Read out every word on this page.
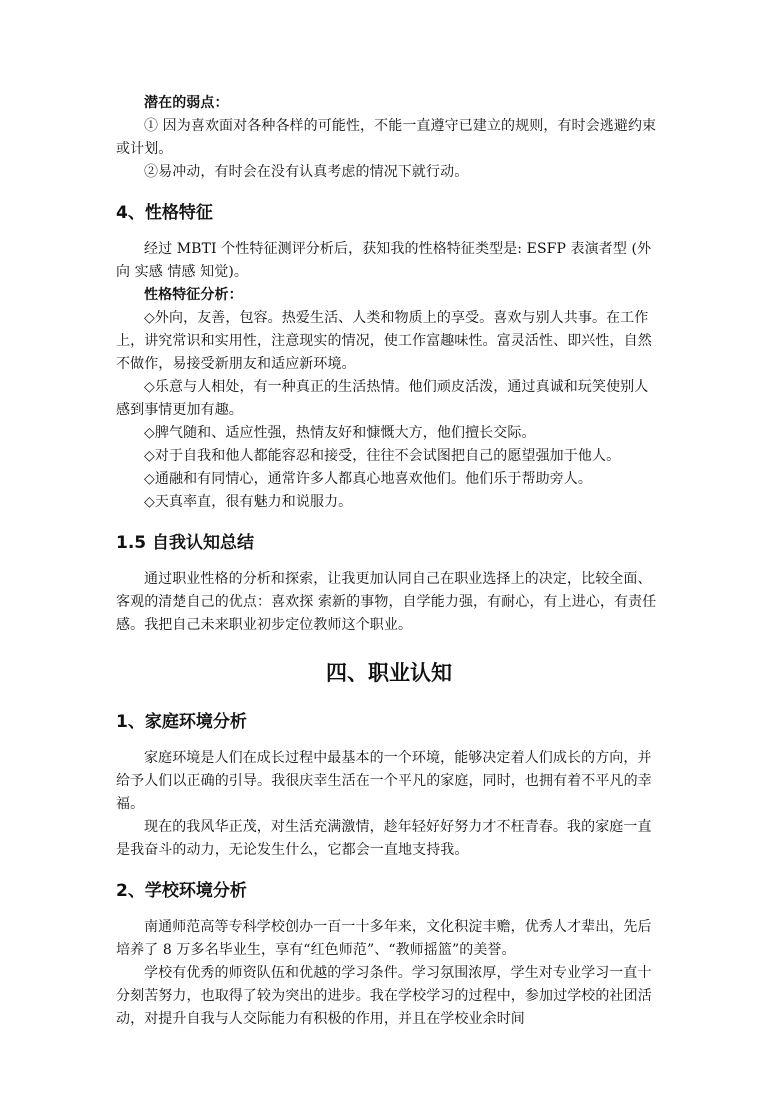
潜在的弱点：

① 因为喜欢面对各种各样的可能性，不能一直遵守已建立的规则，有时会逃避约束或计划。

②易冲动，有时会在没有认真考虑的情况下就行动。

4、性格特征

经过 MBTI 个性特征测评分析后，获知我的性格特征类型是: ESFP 表演者型 (外向 实感 情感 知觉)。

性格特征分析：

◇外向，友善，包容。热爱生活、人类和物质上的享受。喜欢与别人共事。在工作上，讲究常识和实用性，注意现实的情况，使工作富趣味性。富灵活性、即兴性，自然不做作，易接受新朋友和适应新环境。

◇乐意与人相处，有一种真正的生活热情。他们顽皮活泼，通过真诚和玩笑使别人感到事情更加有趣。

◇脾气随和、适应性强，热情友好和慷慨大方，他们擅长交际。

◇对于自我和他人都能容忍和接受，往往不会试图把自己的愿望强加于他人。

◇通融和有同情心，通常许多人都真心地喜欢他们。他们乐于帮助旁人。

◇天真率直，很有魅力和说服力。

1.5 自我认知总结

通过职业性格的分析和探索，让我更加认同自己在职业选择上的决定，比较全面、客观的清楚自己的优点：喜欢探 索新的事物，自学能力强，有耐心，有上进心，有责任感。我把自己未来职业初步定位教师这个职业。

四、职业认知
1、家庭环境分析

家庭环境是人们在成长过程中最基本的一个环境，能够决定着人们成长的方向，并给予人们以正确的引导。我很庆幸生活在一个平凡的家庭，同时，也拥有着不平凡的幸福。

现在的我风华正茂，对生活充满激情，趁年轻好好努力才不枉青春。我的家庭一直是我奋斗的动力，无论发生什么，它都会一直地支持我。

2、学校环境分析

南通师范高等专科学校创办一百一十多年来，文化积淀丰赡，优秀人才辈出，先后培养了 8 万多名毕业生，享有“红色师范”、“教师摇篮”的美誉。

学校有优秀的师资队伍和优越的学习条件。学习氛围浓厚，学生对专业学习一直十分刻苦努力，也取得了较为突出的进步。我在学校学习的过程中，参加过学校的社团活动，对提升自我与人交际能力有积极的作用，并且在学校业余时间
